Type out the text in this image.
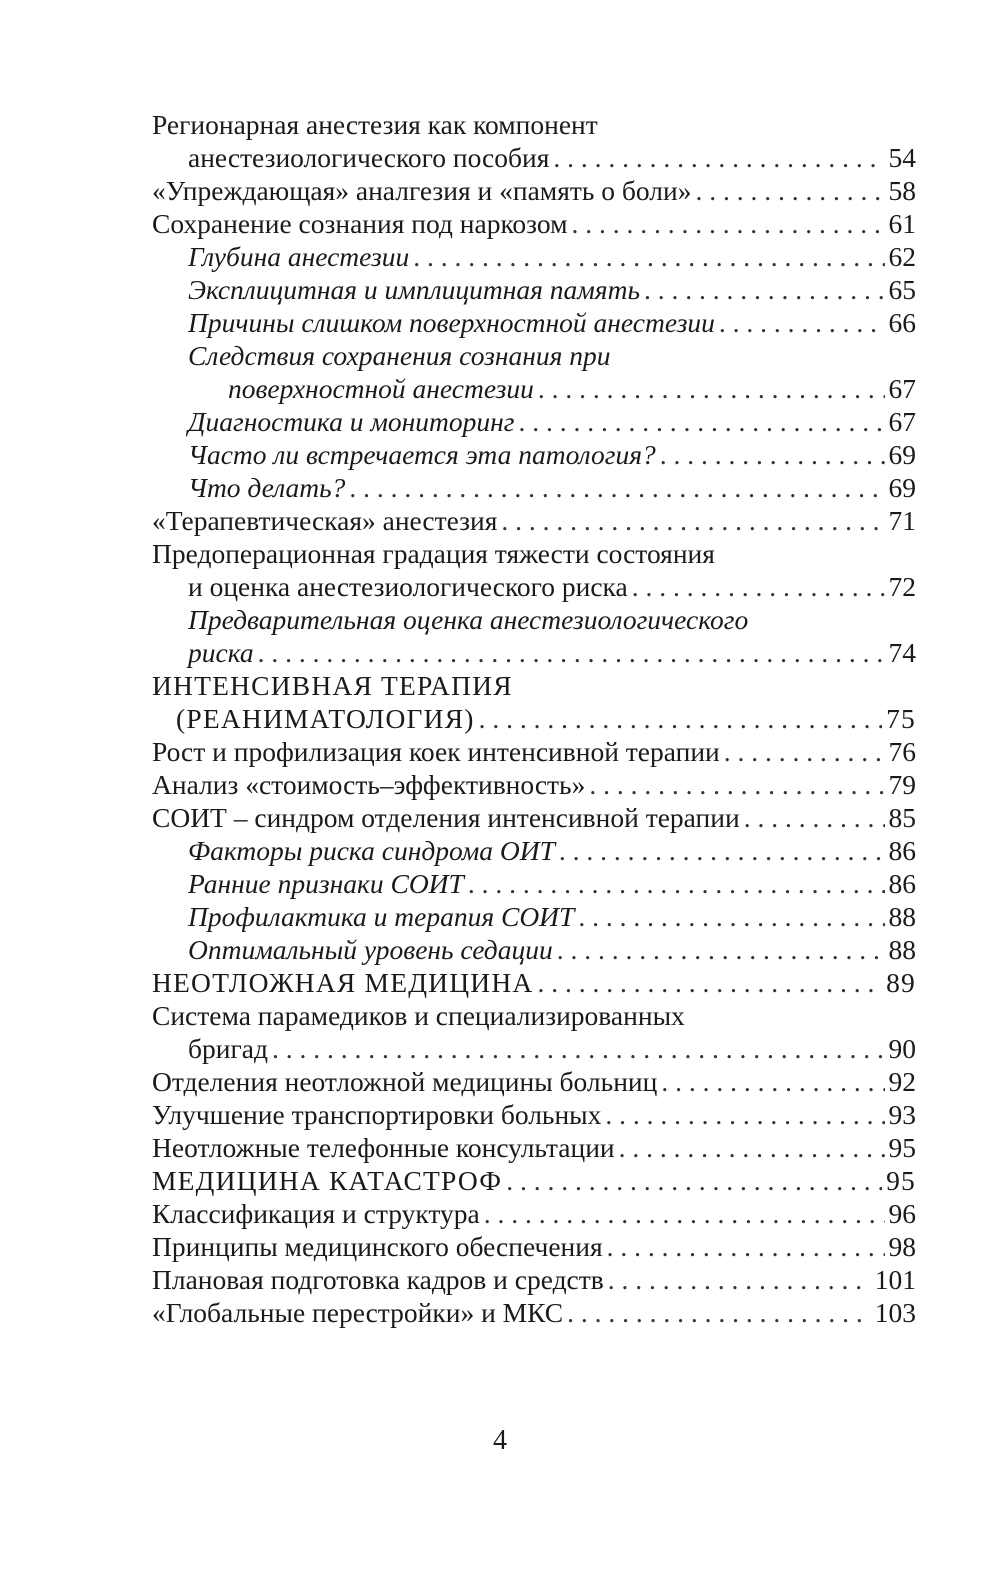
Регионарная анестезия как компонент
анестезиологического пособия . . .	54
«Упреждающая» аналгезия и «память о боли» . . .	58
Сохранение сознания под наркозом . . .	61
Глубина анестезии . . .	62
Эксплицитная и имплицитная память . . .	65
Причины слишком поверхностной анестезии . . .	66
Следствия сохранения сознания при
поверхностной анестезии . . .	67
Диагностика и мониторинг . . .	67
Часто ли встречается эта патология? . . .	69
Что делать? . . .	69
«Терапевтическая» анестезия . . .	71
Предоперационная градация тяжести состояния
и оценка анестезиологического риска . . .	72
Предварительная оценка анестезиологического
риска . . .	74
ИНТЕНСИВНАЯ ТЕРАПИЯ
(РЕАНИМАТОЛОГИЯ) . . .	75
Рост и профилизация коек интенсивной терапии . . .	76
Анализ «стоимость–эффективность» . . .	79
СОИТ – синдром отделения интенсивной терапии . . .	85
Факторы риска синдрома ОИТ . . .	86
Ранние признаки СОИТ . . .	86
Профилактика и терапия СОИТ . . .	88
Оптимальный уровень седации . . .	88
НЕОТЛОЖНАЯ МЕДИЦИНА . . .	89
Система парамедиков и специализированных
бригад . . .	90
Отделения неотложной медицины больниц . . .	92
Улучшение транспортировки больных . . .	93
Неотложные телефонные консультации . . .	95
МЕДИЦИНА КАТАСТРОФ . . .	95
Классификация и структура . . .	96
Принципы медицинского обеспечения . . .	98
Плановая подготовка кадров и средств . . .	101
«Глобальные перестройки» и МКС . . .	103
4
